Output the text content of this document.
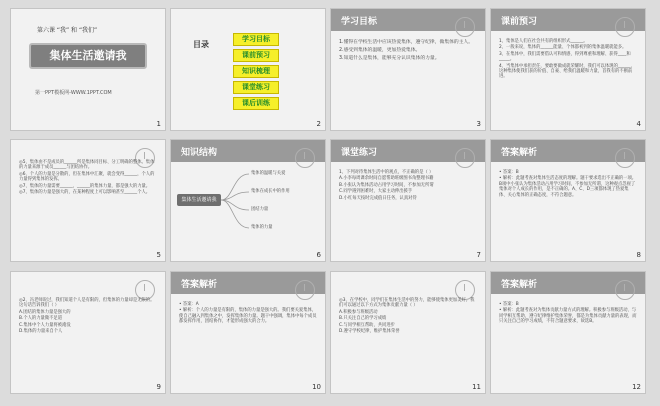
第六课 “我” 和 “我们”
集体生活邀请我
第一PPT模板网-WWW.1PPT.COM
1
目录
学习目标
课前预习
知识梳理
课堂练习
课后训练
2
学习目标
1.懂得在学校生活中应该热爱集体，遵守纪律，做集体的主人。
2.感受到集体的温暖，更加热爱集体。
3.知道什么是集体，能够充分认识集体的力量。
3
课前预习
1、集体是人们在社会共有的组织形式______。
2、一般来说，集体的______能量、个体都初到的集体温暖就能多。
3、在集体中，我们需要借认可和情感，得到尊重和理解、获得____和_____。
4、当集体中承担责任，要敢要做成就荣耀时，我们可以体现的______，这种集体使我们获的价值、自豪、给我们温暖和力量，首我有的不断前进。
4
◎5、集体由不是成员的______所是集体同目标、分工明确的整体。集体的力量来源于成员______与团结协作。
◎6、个人的力量是分散的，但在集体中汇聚，就会变得______，个人的力量得到集体的发挥。
◎7、集体的力量需要______，______的集体力量，都是强大的力量。
◎7、集体的力量是强大的，在某种程度上可以影响甚至______个人。
5
知识结构
集体生活邀请我
集体的温暖与关爱
集体在成长中的作用
团结力量
集体的力量
6
课堂练习
1、下列对待集体生活中的观点，不正确的是（ ）
A.小李每周课余时间自愿帮助班级图书角整理书籍
B.小张认为集体活动占用学习时间，不参加无所谓
C.同学遇到困难时，大家主动伸出援手
D.小红每天按时完成值日任务，认真对待
7
答案解析
• 答案：B
• 解析：此题考查对集体生活态度的理解。题干要求选出不正确的一项。B项中小张认为集体活动占用学习时间，不参加无所谓，这种观点忽视了集体对个人成长的作用，是不正确的。A、C、D三项都体现了热爱集体、关心集体的正确态度，不符合题意。
8
◎2、冯老师说过，我们知道个人是有限的，但集体的力量却是无限的。这句话告诉我们（ ）
A.团结的集体力量是强大的
B.个人的力量微不足道
C.集体中个人力量将被淹没
D.集体的力量来自个人
9
答案解析
• 答案：A
• 解析：个人的力量是有限的，集体的力量是强大的。我们要关爱集体，使自己融入到集体之中，发挥集体的力量。题干中强调，集体中每个成员都发挥作用，团结协作，才能形成强大的合力。
10
◎3、在学校中，同学们在集体生活中的努力，能够使集体更加美好。我们可以通过以下方式为集体贡献力量（ ）
A.积极参与班级活动
B.只关注自己的学习成绩
C.与同学相互帮助，共同进步
D.遵守学校纪律，维护集体荣誉
11
答案解析
• 答案：B
• 解析：此题考查对为集体贡献力量方式的理解。积极参与班级活动、与同学相互帮助、遵守纪律维护集体荣誉，都是为集体贡献力量的表现，而只关注自己的学习成绩，不符合题意要求，故选B。
12
